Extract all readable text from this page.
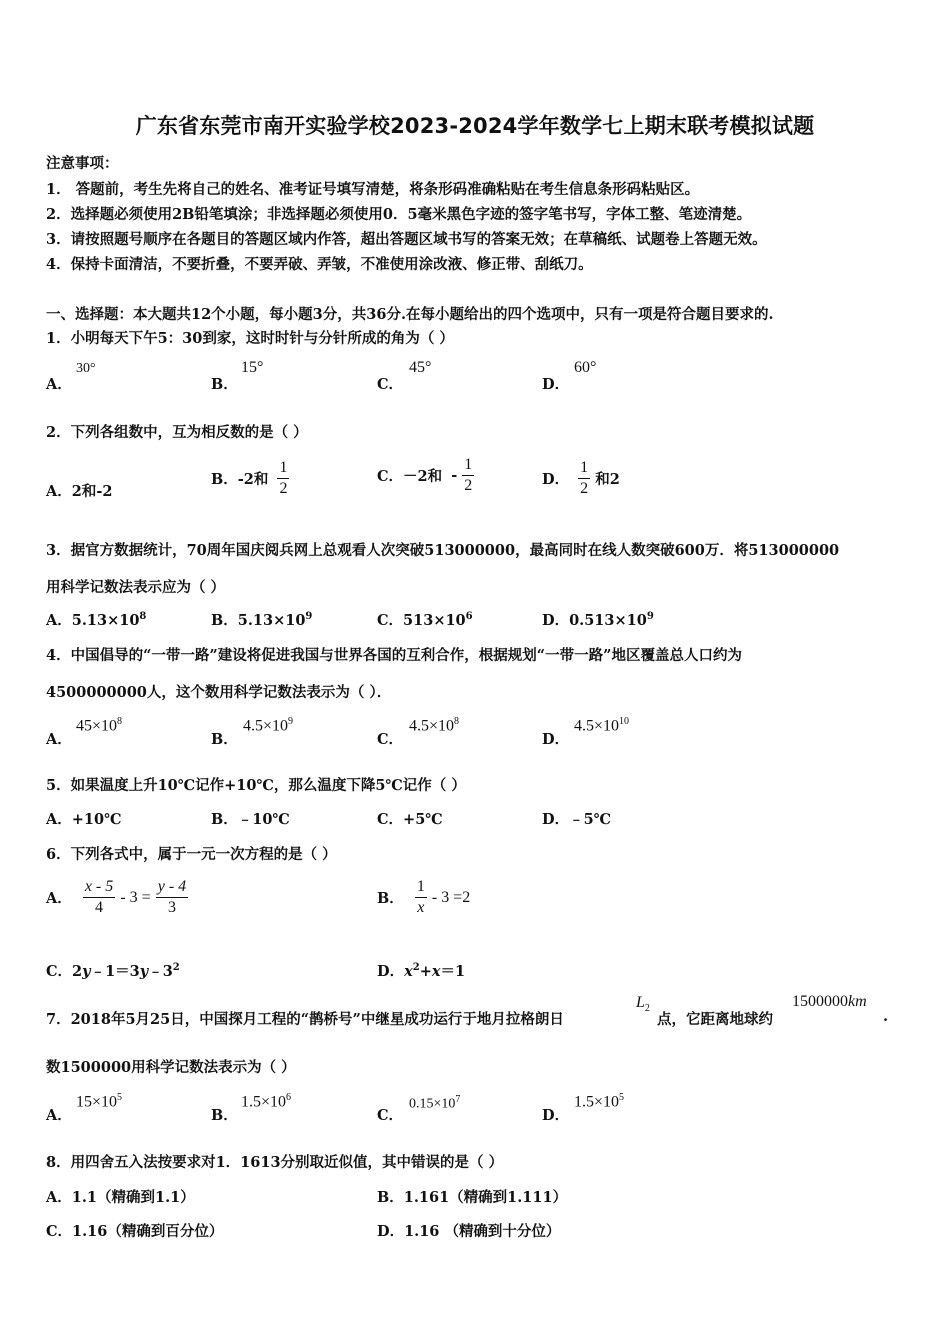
广东省东莞市南开实验学校2023-2024学年数学七上期末联考模拟试题
注意事项：
1． 答题前，考生先将自己的姓名、准考证号填写清楚，将条形码准确粘贴在考生信息条形码粘贴区。
2．选择题必须使用2B铅笔填涂；非选择题必须使用0．5毫米黑色字迹的签字笔书写，字体工整、笔迹清楚。
3．请按照题号顺序在各题目的答题区域内作答，超出答题区域书写的答案无效；在草稿纸、试题卷上答题无效。
4．保持卡面清洁，不要折叠，不要弄破、弄皱，不准使用涂改液、修正带、刮纸刀。
一、选择题：本大题共12个小题，每小题3分，共36分.在每小题给出的四个选项中，只有一项是符合题目要求的.
1．小明每天下午5：30到家，这时时针与分针所成的角为（ ）
A．
30°
B．
15°
C．
45°
D．
60°
2．下列各组数中，互为相反数的是（ ）
A．2和-2
B．-2和 $\frac{1}{2}$	C．－2和 - $\frac{1}{2}$	D． $\frac{1}{2}$ 和2
3．据官方数据统计，70周年国庆阅兵网上总观看人次突破513000000，最高同时在线人数突破600万．将513000000
用科学记数法表示应为（ ）
A．$5.13\times 10^8$	B．$5.13\times 10^9$	C．$513\times 10^6$	D．$0.513\times 10^9$
4．中国倡导的“一带一路”建设将促进我国与世界各国的互利合作，根据规划“一带一路”地区覆盖总人口约为
4500000000人，这个数用科学记数法表示为（ ）．
A．
$45\times 10^8$
B．
$4.5\times 10^9$
C．
$4.5\times 10^8$
D．
$4.5\times 10^{10}$
5．如果温度上升10℃记作+10℃，那么温度下降5℃记作（ ）
A．+10℃	B．﹣10℃	C．+5℃	D．﹣5℃
6．下列各式中，属于一元一次方程的是（ ）
A． $\frac{x - 5}{4} - 3 = \frac{y - 4}{3}$	B． $\frac{1}{x} - 3 =2$
C．$2y﹣1=3y﹣3^2$	D．$x^2+x=1$
7．2018年5月25日，中国探月工程的“鹊桥号”中继星成功运行于地月拉格朗日
$L_2$
点，它距离地球约
1500000km
.
数1500000用科学记数法表示为（ ）
A．
$15\times 10^5$
B．
$1.5\times 10^6$
C．
$0.15\times 10^7$
D．
$1.5\times 10^5$
8．用四舍五入法按要求对1．1613分别取近似值，其中错误的是（ ）
A．1.1（精确到1.1）	B．1.161（精确到1.111）
C．1.16（精确到百分位）	D．1.16 （精确到十分位）
